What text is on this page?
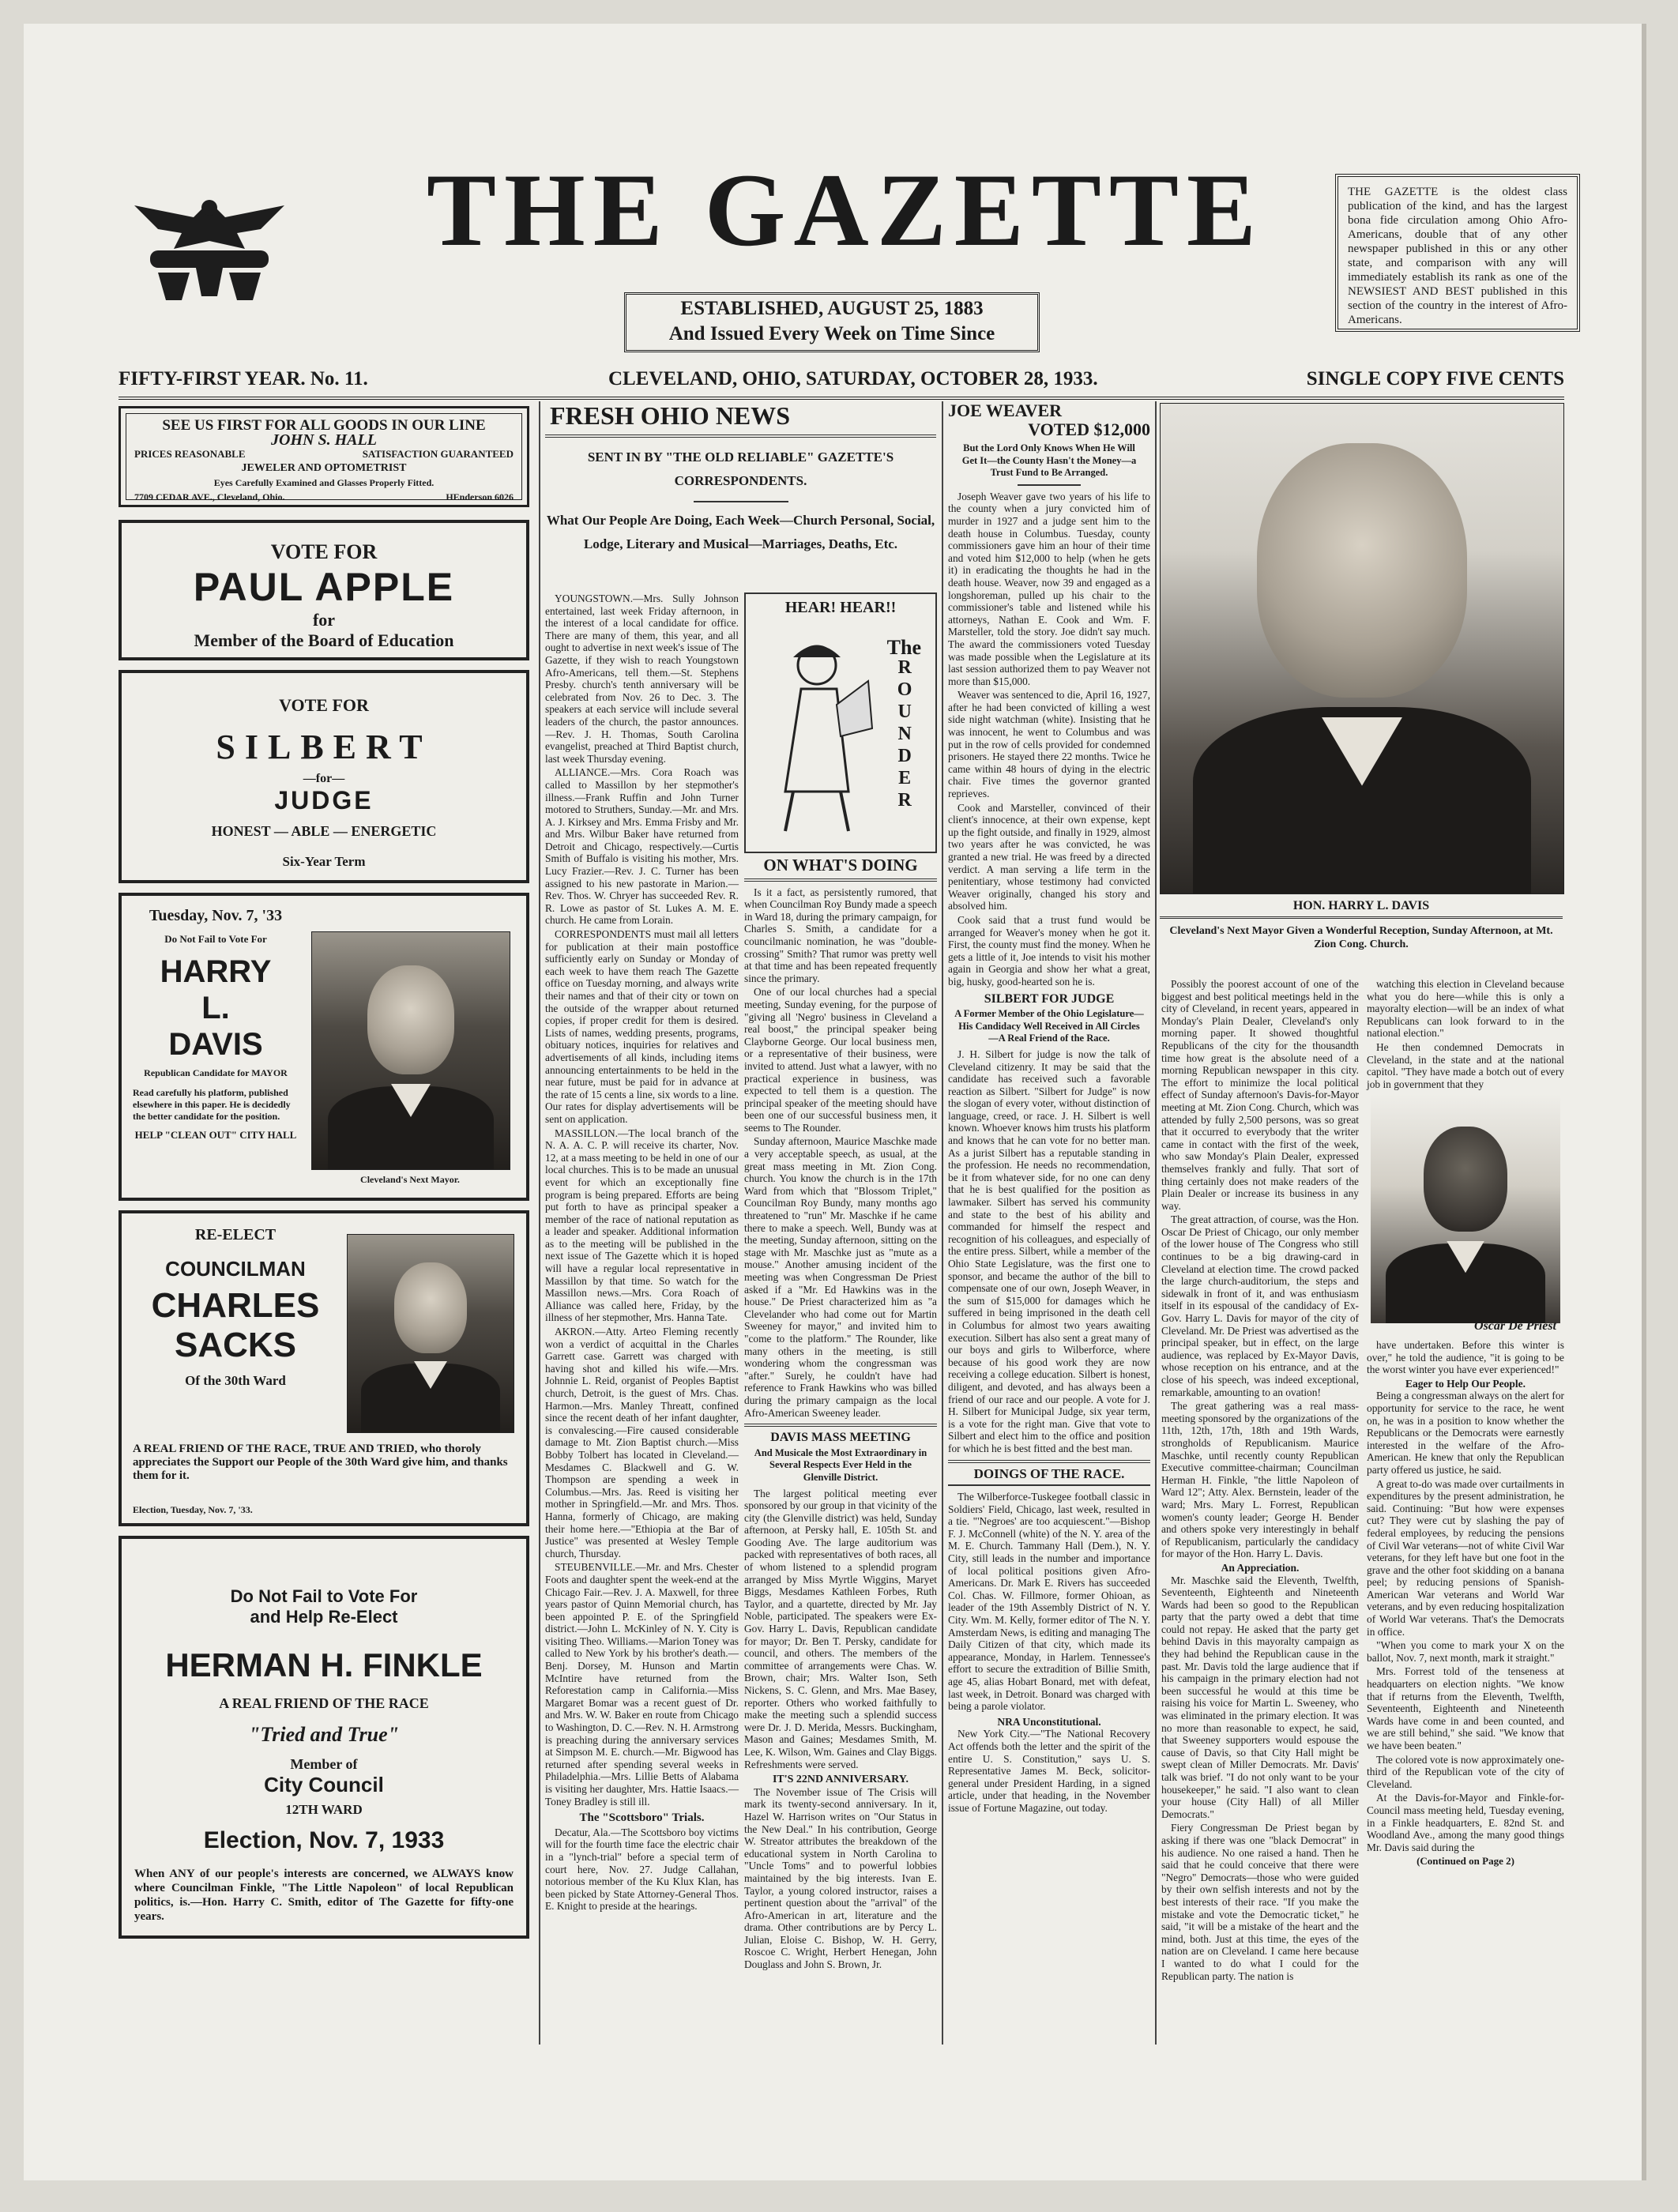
THE GAZETTE
ESTABLISHED, AUGUST 25, 1883
And Issued Every Week on Time Since
THE GAZETTE is the oldest class publication of the kind, and has the largest bona fide circulation among Ohio Afro-Americans, double that of any other newspaper published in this or any other state, and comparison with any will immediately establish its rank as one of the NEWSIEST AND BEST published in this section of the country in the interest of Afro-Americans.
FIFTY-FIRST YEAR. No. 11.	CLEVELAND, OHIO, SATURDAY, OCTOBER 28, 1933.	SINGLE COPY FIVE CENTS
SEE US FIRST FOR ALL GOODS IN OUR LINE
JOHN S. HALL
PRICES REASONABLE	SATISFACTION GUARANTEED
JEWELER AND OPTOMETRIST
Eyes Carefully Examined and Glasses Properly Fitted.
7709 CEDAR AVE., Cleveland, Ohio.	HEnderson 6026
VOTE FOR
PAUL APPLE
for
Member of the Board of Education
VOTE FOR
SILBERT
—for—
JUDGE
HONEST — ABLE — ENERGETIC
Six-Year Term
Tuesday, Nov. 7, '33
Do Not Fail to Vote For
HARRY
L.
DAVIS
Republican Candidate for MAYOR
Read carefully his platform, published elsewhere in this paper. He is decidedly the better candidate for the position.
HELP "CLEAN OUT" CITY HALL
Cleveland's Next Mayor.
RE-ELECT
COUNCILMAN
CHARLES
SACKS
Of the 30th Ward
A REAL FRIEND OF THE RACE, TRUE AND TRIED, who thoroly appreciates the Support our People of the 30th Ward give him, and thanks them for it.
Election, Tuesday, Nov. 7, '33.
Do Not Fail to Vote For
and Help Re-Elect
HERMAN H. FINKLE
A REAL FRIEND OF THE RACE
"Tried and True"
Member of
City Council
12TH WARD
Election, Nov. 7, 1933
When ANY of our people's interests are concerned, we ALWAYS know where Councilman Finkle, "The Little Napoleon" of local Republican politics, is.—Hon. Harry C. Smith, editor of The Gazette for fifty-one years.
FRESH OHIO NEWS
SENT IN BY "THE OLD RELIABLE" GAZETTE'S CORRESPONDENTS.
What Our People Are Doing, Each Week—Church Personal, Social, Lodge, Literary and Musical—Marriages, Deaths, Etc.

YOUNGSTOWN.—Mrs. Sully Johnson entertained, last week Friday afternoon, in the interest of a local candidate for office. There are many of them, this year, and all ought to advertise in next week's issue of The Gazette, if they wish to reach Youngstown Afro-Americans, tell them.—St. Stephens Presby. church's tenth anniversary will be celebrated from Nov. 26 to Dec. 3. The speakers at each service will include several leaders of the church, the pastor announces.—Rev. J. H. Thomas, South Carolina evangelist, preached at Third Baptist church, last week Thursday evening.

ALLIANCE.—Mrs. Cora Roach was called to Massillon by her stepmother's illness.—Frank Ruffin and John Turner motored to Struthers, Sunday.—Mr. and Mrs. A. J. Kirksey and Mrs. Emma Frisby and Mr. and Mrs. Wilbur Baker have returned from Detroit and Chicago, respectively.—Curtis Smith of Buffalo is visiting his mother, Mrs. Lucy Frazier.—Rev. J. C. Turner has been assigned to his new pastorate in Marion.—Rev. Thos. W. Chryer has succeeded Rev. R. R. Lowe as pastor of St. Lukes A. M. E. church. He came from Lorain.

CORRESPONDENTS must mail all letters for publication at their main postoffice sufficiently early on Sunday or Monday of each week to have them reach The Gazette office on Tuesday morning, and always write their names and that of their city or town on the outside of the wrapper about returned copies, if proper credit for them is desired. Lists of names, wedding presents, programs, obituary notices, inquiries for relatives and advertisements of all kinds, including items announcing entertainments to be held in the near future, must be paid for in advance at the rate of 15 cents a line, six words to a line. Our rates for display advertisements will be sent on application.

MASSILLON.—The local branch of the N. A. A. C. P. will receive its charter, Nov. 12, at a mass meeting to be held in one of our local churches. This is to be made an unusual event for which an exceptionally fine program is being prepared. Efforts are being put forth to have as principal speaker a member of the race of national reputation as a leader and speaker. Additional information as to the meeting will be published in the next issue of The Gazette which it is hoped will have a regular local representative in Massillon by that time. So watch for the Massillon news.—Mrs. Cora Roach of Alliance was called here, Friday, by the illness of her stepmother, Mrs. Hanna Tate.

AKRON.—Atty. Arteo Fleming recently won a verdict of acquittal in the Charles Garrett case. Garrett was charged with having shot and killed his wife.—Mrs. Johnnie L. Reid, organist of Peoples Baptist church, Detroit, is the guest of Mrs. Chas. Harmon.—Mrs. Manley Threatt, confined since the recent death of her infant daughter, is convalescing.—Fire caused considerable damage to Mt. Zion Baptist church.—Miss Bobby Tolbert has located in Cleveland.—Mesdames C. Blackwell and G. W. Thompson are spending a week in Columbus.—Mrs. Jas. Reed is visiting her mother in Springfield.—Mr. and Mrs. Thos. Hanna, formerly of Chicago, are making their home here.—"Ethiopia at the Bar of Justice" was presented at Wesley Temple church, Thursday.

STEUBENVILLE.—Mr. and Mrs. Chester Foots and daughter spent the week-end at the Chicago Fair.—Rev. J. A. Maxwell, for three years pastor of Quinn Memorial church, has been appointed P. E. of the Springfield district.—John L. McKinley of N. Y. City is visiting Theo. Williams.—Marion Toney was called to New York by his brother's death.—Benj. Dorsey, M. Hunson and Martin McIntire have returned from the Reforestation camp in California.—Miss Margaret Bomar was a recent guest of Dr. and Mrs. W. W. Baker en route from Chicago to Washington, D. C.—Rev. N. H. Armstrong is preaching during the anniversary services at Simpson M. E. church.—Mr. Bigwood has returned after spending several weeks in Philadelphia.—Mrs. Lillie Betts of Alabama is visiting her daughter, Mrs. Hattie Isaacs.—Toney Bradley is still ill.

The "Scottsboro" Trials.

Decatur, Ala.—The Scottsboro boy victims will for the fourth time face the electric chair in a "lynch-trial" before a special term of court here, Nov. 27. Judge Callahan, notorious member of the Ku Klux Klan, has been picked by State Attorney-General Thos. E. Knight to preside at the hearings.

HEAR! HEAR!!
The
ROUNDER
ON WHAT'S DOING

Is it a fact, as persistently rumored, that when Councilman Roy Bundy made a speech in Ward 18, during the primary campaign, for Charles S. Smith, a candidate for a councilmanic nomination, he was "double-crossing" Smith? That rumor was pretty well at that time and has been repeated frequently since the primary.

One of our local churches had a special meeting, Sunday evening, for the purpose of "giving all 'Negro' business in Cleveland a real boost," the principal speaker being Clayborne George. Our local business men, or a representative of their business, were invited to attend. Just what a lawyer, with no practical experience in business, was expected to tell them is a question. The principal speaker of the meeting should have been one of our successful business men, it seems to The Rounder.

Sunday afternoon, Maurice Maschke made a very acceptable speech, as usual, at the great mass meeting in Mt. Zion Cong. church. You know the church is in the 17th Ward from which that "Blossom Triplet," Councilman Roy Bundy, many months ago threatened to "run" Mr. Maschke if he came there to make a speech. Well, Bundy was at the meeting, Sunday afternoon, sitting on the stage with Mr. Maschke just as "mute as a mouse." Another amusing incident of the meeting was when Congressman De Priest asked if a "Mr. Ed Hawkins was in the house." De Priest characterized him as "a Clevelander who had come out for Martin Sweeney for mayor," and invited him to "come to the platform." The Rounder, like many others in the meeting, is still wondering whom the congressman was "after." Surely, he couldn't have had reference to Frank Hawkins who was billed during the primary campaign as the local Afro-American Sweeney leader.

DAVIS MASS MEETING
And Musicale the Most Extraordinary in Several Respects Ever Held in the Glenville District.

The largest political meeting ever sponsored by our group in that vicinity of the city (the Glenville district) was held, Sunday afternoon, at Persky hall, E. 105th St. and Gooding Ave. The large auditorium was packed with representatives of both races, all of whom listened to a splendid program arranged by Miss Myrtle Wiggins, Maryet Biggs, Mesdames Kathleen Forbes, Ruth Taylor, and a quartette, directed by Mr. Jay Noble, participated. The speakers were Ex-Gov. Harry L. Davis, Republican candidate for mayor; Dr. Ben T. Persky, candidate for council, and others. The members of the committee of arrangements were Chas. W. Brown, chair; Mrs. Walter Ison, Seth Nickens, S. C. Glenn, and Mrs. Mae Basey, reporter. Others who worked faithfully to make the meeting such a splendid success were Dr. J. D. Merida, Messrs. Buckingham, Mason and Gaines; Mesdames Smith, M. Lee, K. Wilson, Wm. Gaines and Clay Biggs. Refreshments were served.

IT'S 22ND ANNIVERSARY.

The November issue of The Crisis will mark its twenty-second anniversary. In it, Hazel W. Harrison writes on "Our Status in the New Deal." In his contribution, George W. Streator attributes the breakdown of the educational system in North Carolina to "Uncle Toms" and to powerful lobbies maintained by the big interests. Ivan E. Taylor, a young colored instructor, raises a pertinent question about the "arrival" of the Afro-American in art, literature and the drama. Other contributions are by Percy L. Julian, Eloise C. Bishop, W. H. Gerry, Roscoe C. Wright, Herbert Henegan, John Douglass and John S. Brown, Jr.

JOE WEAVER
VOTED $12,000
But the Lord Only Knows When He Will Get It—the County Hasn't the Money—a Trust Fund to Be Arranged.

Joseph Weaver gave two years of his life to the county when a jury convicted him of murder in 1927 and a judge sent him to the death house in Columbus. Tuesday, county commissioners gave him an hour of their time and voted him $12,000 to help (when he gets it) in eradicating the thoughts he had in the death house. Weaver, now 39 and engaged as a longshoreman, pulled up his chair to the commissioner's table and listened while his attorneys, Nathan E. Cook and Wm. F. Marsteller, told the story. Joe didn't say much. The award the commissioners voted Tuesday was made possible when the Legislature at its last session authorized them to pay Weaver not more than $15,000.

Weaver was sentenced to die, April 16, 1927, after he had been convicted of killing a west side night watchman (white). Insisting that he was innocent, he went to Columbus and was put in the row of cells provided for condemned prisoners. He stayed there 22 months. Twice he came within 48 hours of dying in the electric chair. Five times the governor granted reprieves.

Cook and Marsteller, convinced of their client's innocence, at their own expense, kept up the fight outside, and finally in 1929, almost two years after he was convicted, he was granted a new trial. He was freed by a directed verdict. A man serving a life term in the penitentiary, whose testimony had convicted Weaver originally, changed his story and absolved him.

Cook said that a trust fund would be arranged for Weaver's money when he got it. First, the county must find the money. When he gets a little of it, Joe intends to visit his mother again in Georgia and show her what a great, big, husky, good-hearted son he is.

SILBERT FOR JUDGE
A Former Member of the Ohio Legislature—His Candidacy Well Received in All Circles—A Real Friend of the Race.

J. H. Silbert for judge is now the talk of Cleveland citizenry. It may be said that the candidate has received such a favorable reaction as Silbert. "Silbert for Judge" is now the slogan of every voter, without distinction of language, creed, or race. J. H. Silbert is well known. Whoever knows him trusts his platform and knows that he can vote for no better man. As a jurist Silbert has a reputable standing in the profession. He needs no recommendation, be it from whatever side, for no one can deny that he is best qualified for the position as lawmaker. Silbert has served his community and state to the best of his ability and commanded for himself the respect and recognition of his colleagues, and especially of the entire press. Silbert, while a member of the Ohio State Legislature, was the first one to sponsor, and became the author of the bill to compensate one of our own, Joseph Weaver, in the sum of $15,000 for damages which he suffered in being imprisoned in the death cell in Columbus for almost two years awaiting execution. Silbert has also sent a great many of our boys and girls to Wilberforce, where because of his good work they are now receiving a college education. Silbert is honest, diligent, and devoted, and has always been a friend of our race and our people. A vote for J. H. Silbert for Municipal Judge, six year term, is a vote for the right man. Give that vote to Silbert and elect him to the office and position for which he is best fitted and the best man.

DOINGS OF THE RACE.

The Wilberforce-Tuskegee football classic in Soldiers' Field, Chicago, last week, resulted in a tie. "'Negroes' are too acquiescent."—Bishop F. J. McConnell (white) of the N. Y. area of the M. E. Church. Tammany Hall (Dem.), N. Y. City, still leads in the number and importance of local political positions given Afro-Americans. Dr. Mark E. Rivers has succeeded Col. Chas. W. Fillmore, former Ohioan, as leader of the 19th Assembly District of N. Y. City. Wm. M. Kelly, former editor of The N. Y. Amsterdam News, is editing and managing The Daily Citizen of that city, which made its appearance, Monday, in Harlem. Tennessee's effort to secure the extradition of Billie Smith, age 45, alias Hobart Bonard, met with defeat, last week, in Detroit. Bonard was charged with being a parole violator.

NRA Unconstitutional.

New York City.—"The National Recovery Act offends both the letter and the spirit of the entire U. S. Constitution," says U. S. Representative James M. Beck, solicitor-general under President Harding, in a signed article, under that heading, in the November issue of Fortune Magazine, out today.

HON. HARRY L. DAVIS
Cleveland's Next Mayor Given a Wonderful Reception, Sunday Afternoon, at Mt. Zion Cong. Church.

Possibly the poorest account of one of the biggest and best political meetings held in the city of Cleveland, in recent years, appeared in Monday's Plain Dealer, Cleveland's only morning paper. It showed thoughtful Republicans of the city for the thousandth time how great is the absolute need of a morning Republican newspaper in this city. The effort to minimize the local political effect of Sunday afternoon's Davis-for-Mayor meeting at Mt. Zion Cong. Church, which was attended by fully 2,500 persons, was so great that it occurred to everybody that the writer came in contact with the first of the week, who saw Monday's Plain Dealer, expressed themselves frankly and fully. That sort of thing certainly does not make readers of the Plain Dealer or increase its business in any way.

The great attraction, of course, was the Hon. Oscar De Priest of Chicago, our only member of the lower house of The Congress who still continues to be a big drawing-card in Cleveland at election time. The crowd packed the large church-auditorium, the steps and sidewalk in front of it, and was enthusiasm itself in its espousal of the candidacy of Ex-Gov. Harry L. Davis for mayor of the city of Cleveland. Mr. De Priest was advertised as the principal speaker, but in effect, on the large audience, was replaced by Ex-Mayor Davis, whose reception on his entrance, and at the close of his speech, was indeed exceptional, remarkable, amounting to an ovation!

The great gathering was a real mass-meeting sponsored by the organizations of the 11th, 12th, 17th, 18th and 19th Wards, strongholds of Republicanism. Maurice Maschke, until recently county Republican Executive committee-chairman; Councilman Herman H. Finkle, "the little Napoleon of Ward 12"; Atty. Alex. Bernstein, leader of the ward; Mrs. Mary L. Forrest, Republican women's county leader; George H. Bender and others spoke very interestingly in behalf of Republicanism, particularly the candidacy for mayor of the Hon. Harry L. Davis.

An Appreciation.

Mr. Maschke said the Eleventh, Twelfth, Seventeenth, Eighteenth and Nineteenth Wards had been so good to the Republican party that the party owed a debt that time could not repay. He asked that the party get behind Davis in this mayoralty campaign as they had behind the Republican cause in the past. Mr. Davis told the large audience that if his campaign in the primary election had not been successful he would at this time be raising his voice for Martin L. Sweeney, who was eliminated in the primary election. It was no more than reasonable to expect, he said, that Sweeney supporters would espouse the cause of Davis, so that City Hall might be swept clean of Miller Democrats. Mr. Davis' talk was brief. "I do not only want to be your housekeeper," he said. "I also want to clean your house (City Hall) of all Miller Democrats."

Fiery Congressman De Priest began by asking if there was one "black Democrat" in his audience. No one raised a hand. Then he said that he could conceive that there were "Negro" Democrats—those who were guided by their own selfish interests and not by the best interests of their race. "If you make the mistake and vote the Democratic ticket," he said, "it will be a mistake of the heart and the mind, both. Just at this time, the eyes of the nation are on Cleveland. I came here because I wanted to do what I could for the Republican party. The nation is

watching this election in Cleveland because what you do here—while this is only a mayoralty election—will be an index of what Republicans can look forward to in the national election."

He then condemned Democrats in Cleveland, in the state and at the national capitol. "They have made a botch out of every job in government that they

Oscar De Priest

have undertaken. Before this winter is over," he told the audience, "it is going to be the worst winter you have ever experienced!"

Eager to Help Our People.

Being a congressman always on the alert for opportunity for service to the race, he went on, he was in a position to know whether the Republicans or the Democrats were earnestly interested in the welfare of the Afro-American. He knew that only the Republican party offered us justice, he said.

A great to-do was made over curtailments in expenditures by the present administration, he said. Continuing: "But how were expenses cut? They were cut by slashing the pay of federal employees, by reducing the pensions of Civil War veterans—not of white Civil War veterans, for they left have but one foot in the grave and the other foot skidding on a banana peel; by reducing pensions of Spanish-American War veterans and World War veterans, and by even reducing hospitalization of World War veterans. That's the Democrats in office.

"When you come to mark your X on the ballot, Nov. 7, next month, mark it straight."

Mrs. Forrest told of the tenseness at headquarters on election nights. "We know that if returns from the Eleventh, Twelfth, Seventeenth, Eighteenth and Nineteenth Wards have come in and been counted, and we are still behind," she said. "We know that we have been beaten."

The colored vote is now approximately one-third of the Republican vote of the city of Cleveland.

At the Davis-for-Mayor and Finkle-for-Council mass meeting held, Tuesday evening, in a Finkle headquarters, E. 82nd St. and Woodland Ave., among the many good things Mr. Davis said during the

(Continued on Page 2)
